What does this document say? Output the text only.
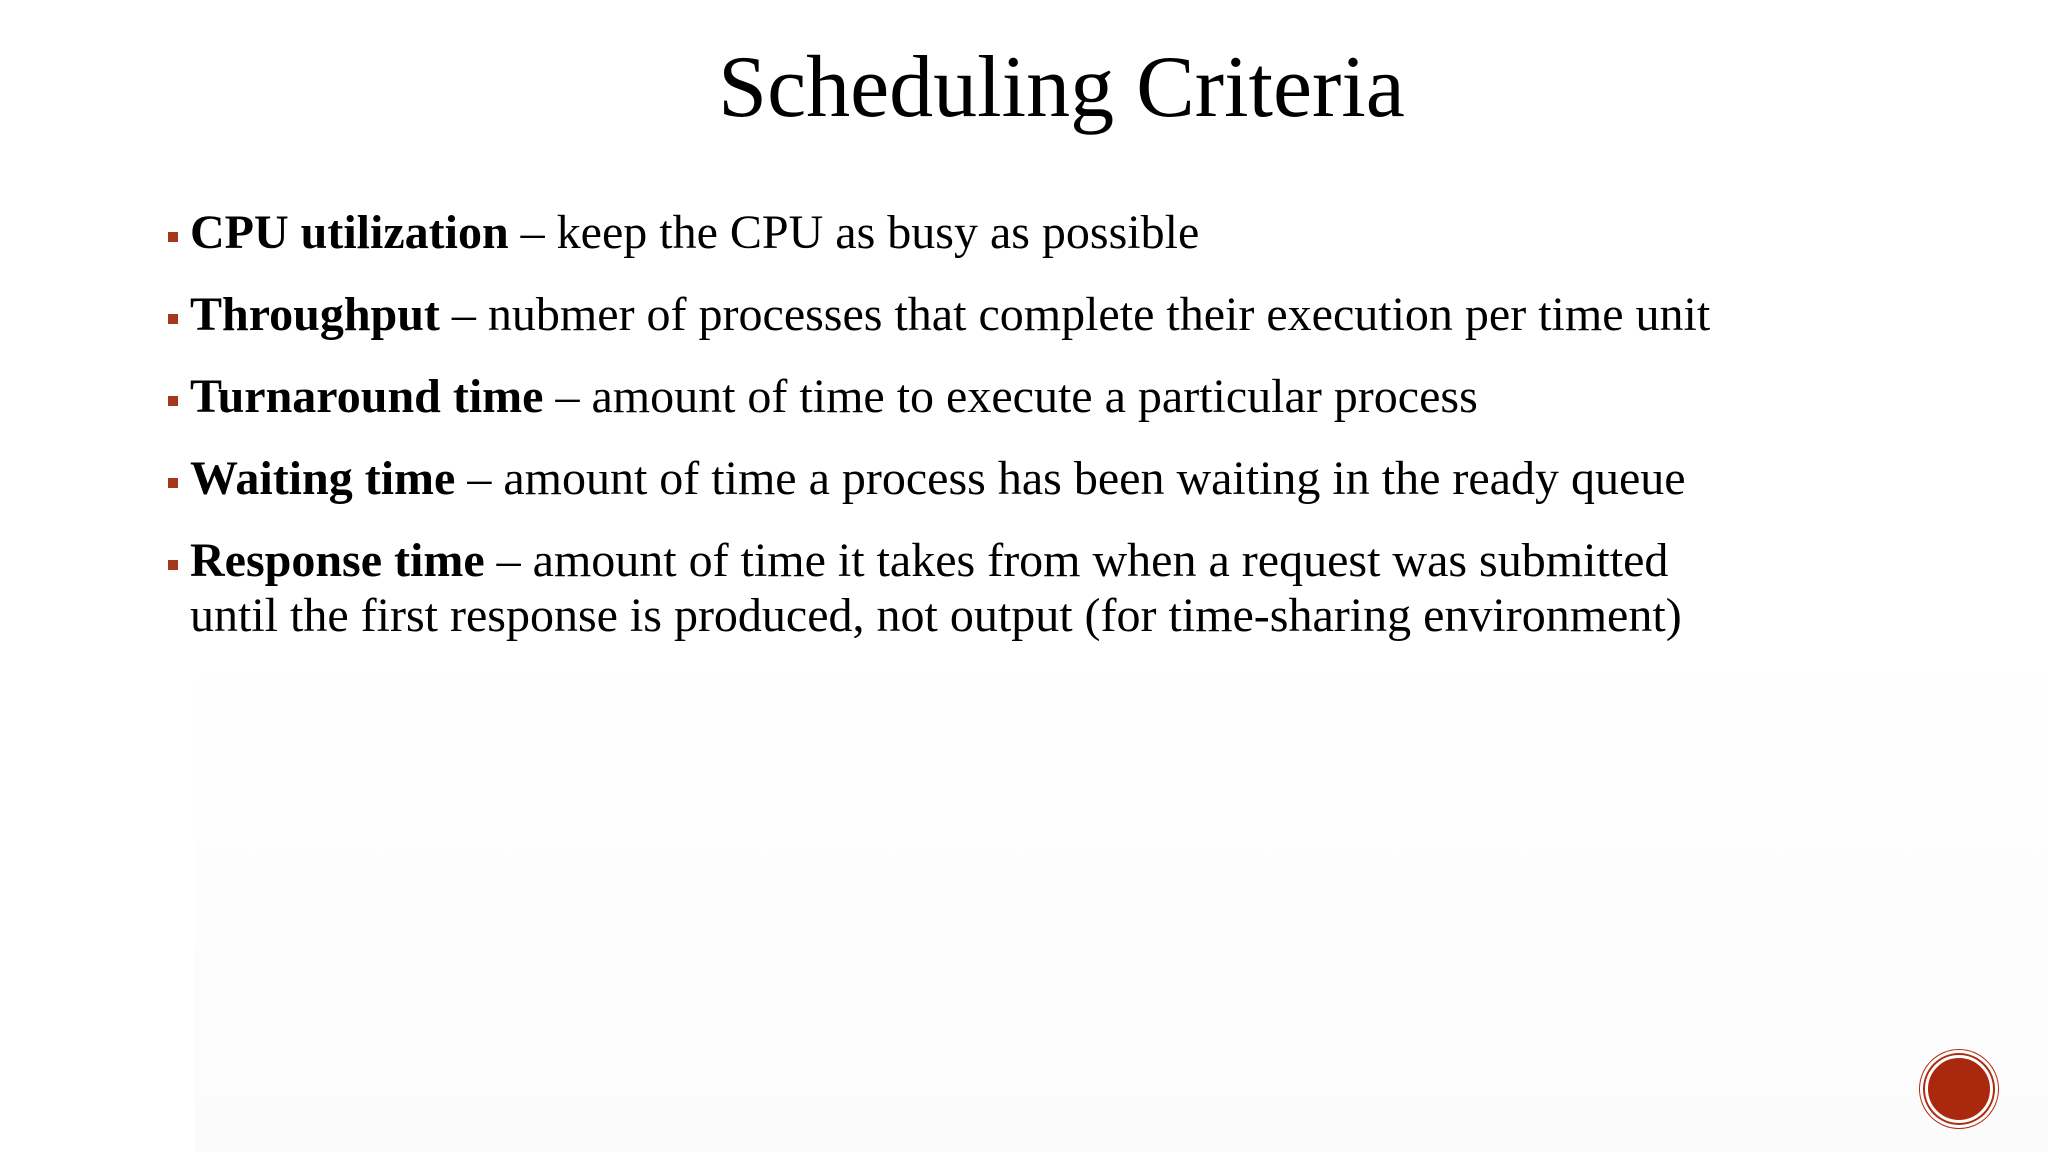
Scheduling Criteria
CPU utilization – keep the CPU as busy as possible
Throughput – nubmer of processes that complete their execution per time unit
Turnaround time – amount of time to execute a particular process
Waiting time – amount of time a process has been waiting in the ready queue
Response time – amount of time it takes from when a request was submitted
until the first response is produced, not output (for time-sharing environment)
